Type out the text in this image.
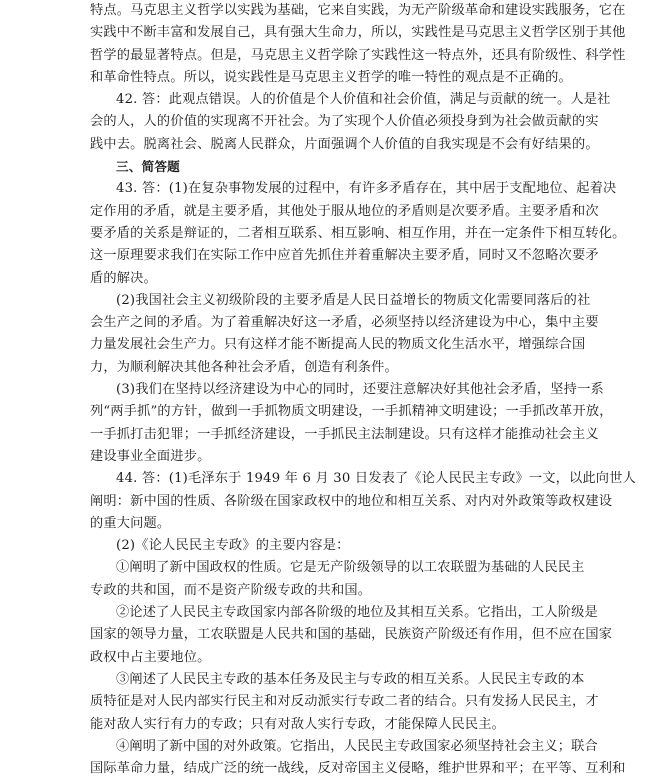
特点。马克思主义哲学以实践为基础，它来自实践，为无产阶级革命和建设实践服务，它在
实践中不断丰富和发展自己，具有强大生命力，所以，实践性是马克思主义哲学区别于其他
哲学的最显著特点。但是，马克思主义哲学除了实践性这一特点外，还具有阶级性、科学性
和革命性特点。所以，说实践性是马克思主义哲学的唯一特性的观点是不正确的。
42. 答：此观点错误。人的价值是个人价值和社会价值，满足与贡献的统一。人是社
会的人，人的价值的实现离不开社会。为了实现个人价值必须投身到为社会做贡献的实
践中去。脱离社会、脱离人民群众，片面强调个人价值的自我实现是不会有好结果的。
三、简答题
43. 答：(1)在复杂事物发展的过程中，有许多矛盾存在，其中居于支配地位、起着决
定作用的矛盾，就是主要矛盾，其他处于服从地位的矛盾则是次要矛盾。主要矛盾和次
要矛盾的关系是辩证的，二者相互联系、相互影响、相互作用，并在一定条件下相互转化。
这一原理要求我们在实际工作中应首先抓住并着重解决主要矛盾，同时又不忽略次要矛
盾的解决。
(2)我国社会主义初级阶段的主要矛盾是人民日益增长的物质文化需要同落后的社
会生产之间的矛盾。为了着重解决好这一矛盾，必须坚持以经济建设为中心，集中主要
力量发展社会生产力。只有这样才能不断提高人民的物质文化生活水平，增强综合国
力，为顺利解决其他各种社会矛盾，创造有利条件。
(3)我们在坚持以经济建设为中心的同时，还要注意解决好其他社会矛盾，坚持一系
列“两手抓”的方针，做到一手抓物质文明建设，一手抓精神文明建设；一手抓改革开放，
一手抓打击犯罪；一手抓经济建设，一手抓民主法制建设。只有这样才能推动社会主义
建设事业全面进步。
44. 答：(1)毛泽东于 1949 年 6 月 30 日发表了《论人民民主专政》一文，以此向世人
阐明：新中国的性质、各阶级在国家政权中的地位和相互关系、对内对外政策等政权建设
的重大问题。
(2)《论人民民主专政》的主要内容是：
①阐明了新中国政权的性质。它是无产阶级领导的以工农联盟为基础的人民民主
专政的共和国，而不是资产阶级专政的共和国。
②论述了人民民主专政国家内部各阶级的地位及其相互关系。它指出，工人阶级是
国家的领导力量，工农联盟是人民共和国的基础，民族资产阶级还有作用，但不应在国家
政权中占主要地位。
③阐述了人民民主专政的基本任务及民主与专政的相互关系。人民民主专政的本
质特征是对人民内部实行民主和对反动派实行专政二者的结合。只有发扬人民民主，才
能对敌人实行有力的专政；只有对敌人实行专政，才能保障人民民主。
④阐明了新中国的对外政策。它指出，人民民主专政国家必须坚持社会主义；联合
国际革命力量，结成广泛的统一战线，反对帝国主义侵略，维护世界和平；在平等、互利和
